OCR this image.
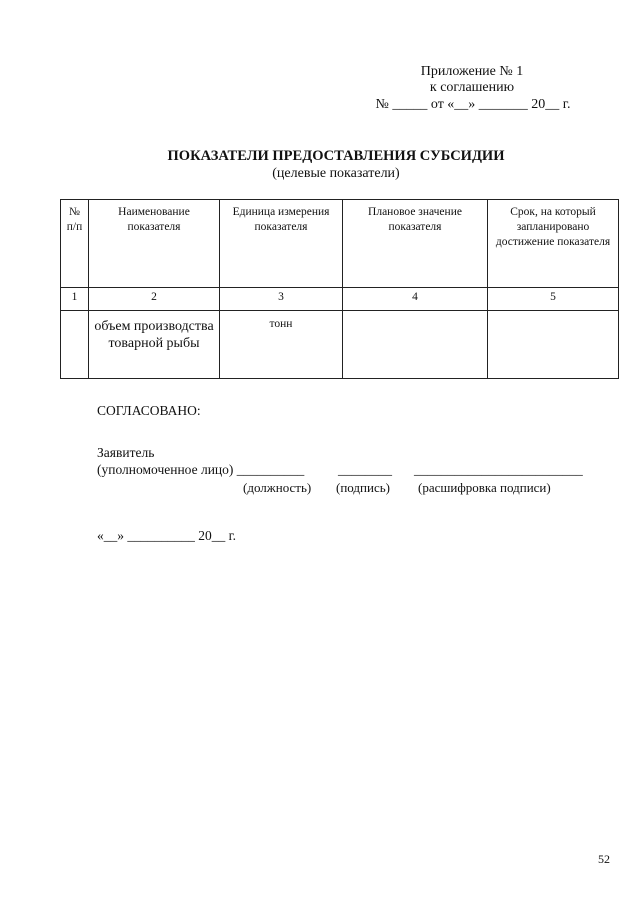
Приложение № 1
к соглашению
№ _____ от «__» _______ 20__ г.
ПОКАЗАТЕЛИ ПРЕДОСТАВЛЕНИЯ СУБСИДИИ
(целевые показатели)
№ п/п	Наименование показателя	Единица измерения показателя	Плановое значение показателя	Срок, на который запланировано достижение показателя
1	2	3	4	5
	объем производства товарной рыбы	тонн		
СОГЛАСОВАНО:
Заявитель
(уполномоченное лицо) __________ ________ _________________________
(должность) (подпись) (расшифровка подписи)
«__» __________ 20__ г.
52
